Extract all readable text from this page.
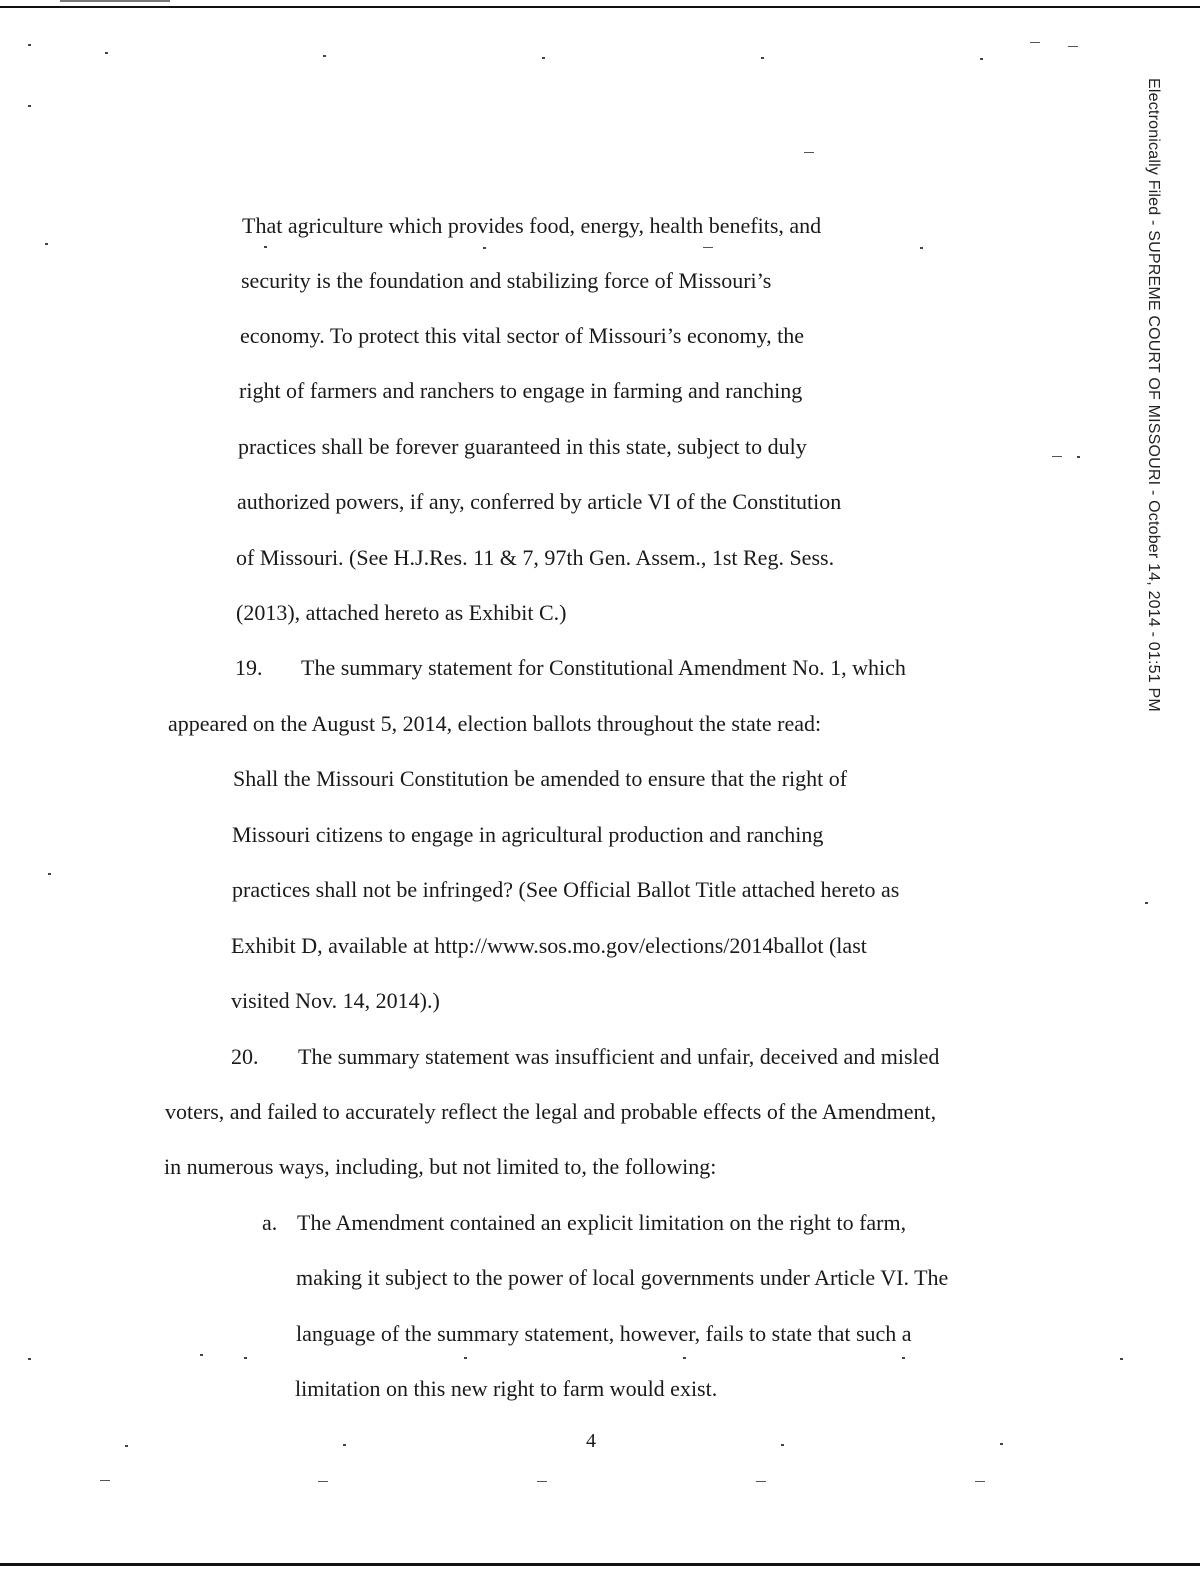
Electronically Filed - SUPREME COURT OF MISSOURI - October 14, 2014 - 01:51 PM
That agriculture which provides food, energy, health benefits, and
security is the foundation and stabilizing force of Missouri’s
economy. To protect this vital sector of Missouri’s economy, the
right of farmers and ranchers to engage in farming and ranching
practices shall be forever guaranteed in this state, subject to duly
authorized powers, if any, conferred by article VI of the Constitution
of Missouri. (See H.J.Res. 11 & 7, 97th Gen. Assem., 1st Reg. Sess.
(2013), attached hereto as Exhibit C.)
19. The summary statement for Constitutional Amendment No. 1, which
appeared on the August 5, 2014, election ballots throughout the state read:
Shall the Missouri Constitution be amended to ensure that the right of
Missouri citizens to engage in agricultural production and ranching
practices shall not be infringed? (See Official Ballot Title attached hereto as
Exhibit D, available at http://www.sos.mo.gov/elections/2014ballot (last
visited Nov. 14, 2014).)
20. The summary statement was insufficient and unfair, deceived and misled
voters, and failed to accurately reflect the legal and probable effects of the Amendment,
in numerous ways, including, but not limited to, the following:
a. The Amendment contained an explicit limitation on the right to farm,
making it subject to the power of local governments under Article VI. The
language of the summary statement, however, fails to state that such a
limitation on this new right to farm would exist.
4
